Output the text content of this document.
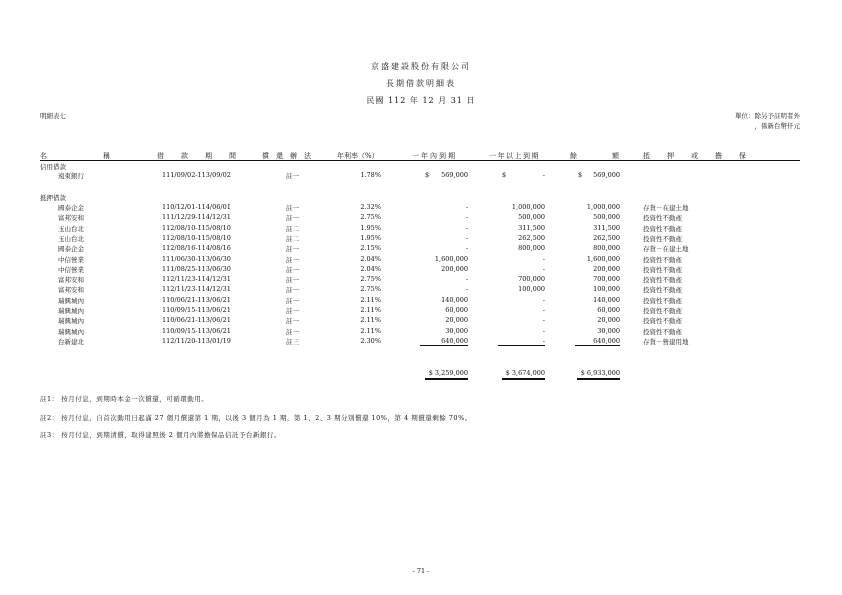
京盛建設股份有限公司
長期借款明細表
民國 112 年 12 月 31 日
明細表七	單位：除另予註明者外
，係新台幣仟元
名　　　　　　　　稱	借　　款　　期　　間	償　還　辦　法	年利率（%）	一年內到期	一年以上到期	餘　　　　　額	抵　　押　　或　　擔　　保
信用借款
$	$	$
遠東銀行	111/09/02-113/09/02	註一	1.78%	569,000	-	569,000
抵押借款
國泰企金	110/12/01-114/06/01	註一	2.32%	-	1,000,000	1,000,000	存貨－在建土地
富邦安和	111/12/29-114/12/31	註一	2.75%	-	500,000	500,000	投資性不動產
玉山台北	112/08/10-115/08/10	註二	1.95%	-	311,500	311,500	投資性不動產
玉山台北	112/08/10-115/08/10	註二	1.95%	-	262,500	262,500	投資性不動產
國泰企金	112/08/16-114/08/16	註一	2.15%	-	800,000	800,000	存貨－在建土地
中信營業	111/06/30-113/06/30	註一	2.04%	1,600,000	-	1,600,000	投資性不動產
中信營業	111/08/25-113/06/30	註一	2.04%	200,000	-	200,000	投資性不動產
富邦安和	112/11/23-114/12/31	註一	2.75%	-	700,000	700,000	投資性不動產
富邦安和	112/11/23-114/12/31	註一	2.75%	-	100,000	100,000	投資性不動產
瑞興城內	110/06/21-113/06/21	註一	2.11%	140,000	-	140,000	投資性不動產
瑞興城內	110/09/15-113/06/21	註一	2.11%	60,000	-	60,000	投資性不動產
瑞興城內	110/06/21-113/06/21	註一	2.11%	20,000	-	20,000	投資性不動產
瑞興城內	110/09/15-113/06/21	註一	2.11%	30,000	-	30,000	投資性不動產
台新建北	112/11/20-113/01/19	註三	2.30%	640,000	-	640,000	存貨－營建用地
$ 3,259,000	$ 3,674,000	$ 6,933,000
註1： 按月付息，到期時本金一次償還，可循環動用。
註2： 按月付息，自首次動用日起滿 27 個月償還第 1 期，以後 3 個月為 1 期，第 1、2、3 期分別償還 10%，第 4 期償還剩餘 70%。
註3： 按月付息，到期清償，取得建照後 2 個月內將擔保品信託予台新銀行。
- 71 -
